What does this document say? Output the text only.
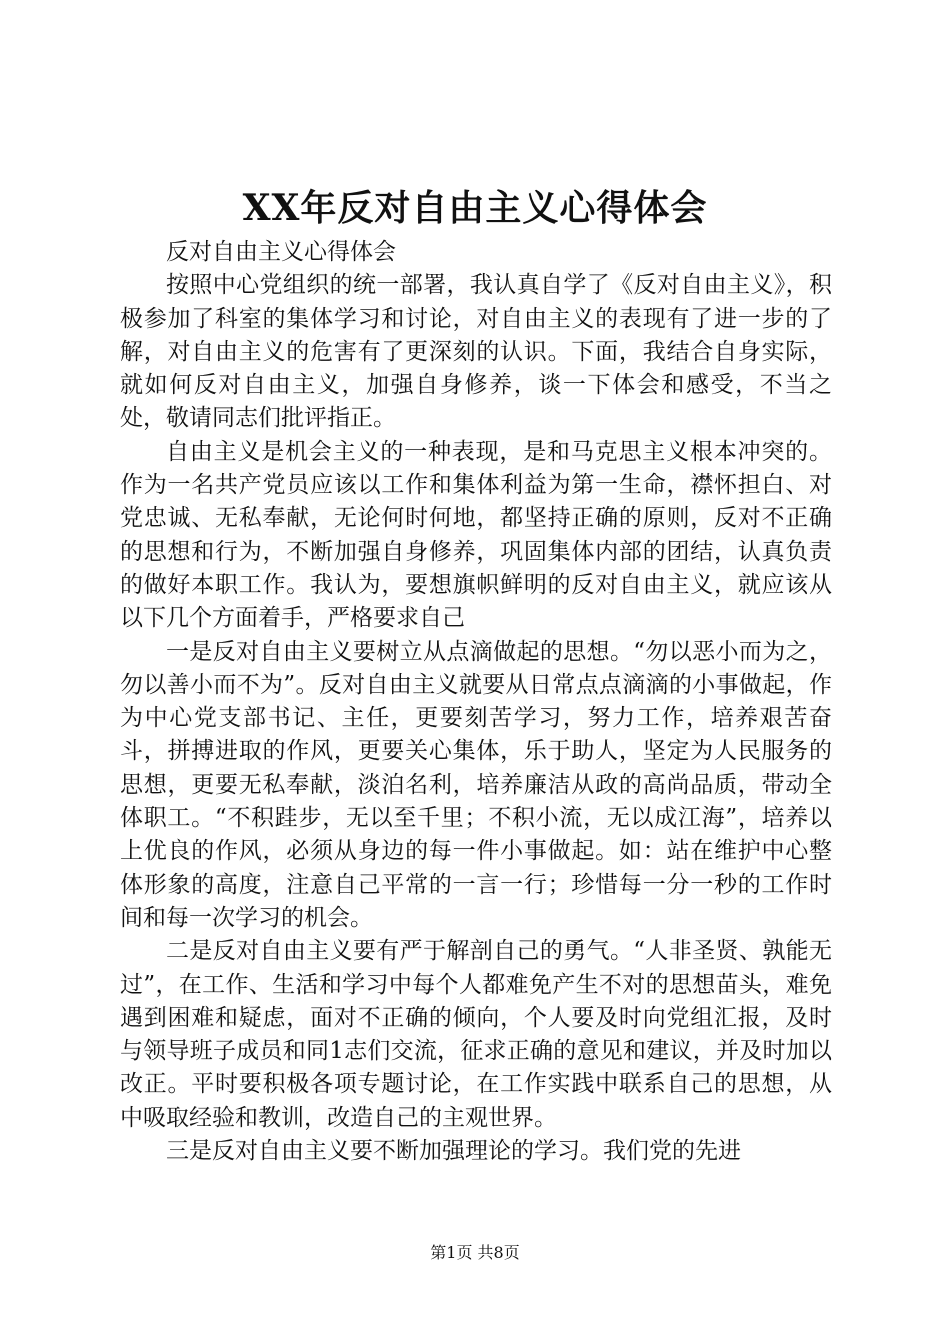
XX年反对自由主义心得体会

反对自由主义心得体会

按照中心党组织的统一部署，我认真自学了《反对自由主义》，积极参加了科室的集体学习和讨论，对自由主义的表现有了进一步的了解，对自由主义的危害有了更深刻的认识。下面，我结合自身实际，就如何反对自由主义，加强自身修养，谈一下体会和感受，不当之处，敬请同志们批评指正。

自由主义是机会主义的一种表现，是和马克思主义根本冲突的。作为一名共产党员应该以工作和集体利益为第一生命，襟怀担白、对党忠诚、无私奉献，无论何时何地，都坚持正确的原则，反对不正确的思想和行为，不断加强自身修养，巩固集体内部的团结，认真负责的做好本职工作。我认为，要想旗帜鲜明的反对自由主义，就应该从以下几个方面着手，严格要求自己

一是反对自由主义要树立从点滴做起的思想。“勿以恶小而为之，勿以善小而不为”。反对自由主义就要从日常点点滴滴的小事做起，作为中心党支部书记、主任，更要刻苦学习，努力工作，培养艰苦奋斗，拼搏进取的作风，更要关心集体，乐于助人，坚定为人民服务的思想，更要无私奉献，淡泊名利，培养廉洁从政的高尚品质，带动全体职工。“不积跬步，无以至千里；不积小流，无以成江海”，培养以上优良的作风，必须从身边的每一件小事做起。如：站在维护中心整体形象的高度，注意自己平常的一言一行；珍惜每一分一秒的工作时间和每一次学习的机会。

二是反对自由主义要有严于解剖自己的勇气。“人非圣贤、孰能无过”，在工作、生活和学习中每个人都难免产生不对的思想苗头，难免遇到困难和疑虑，面对不正确的倾向，个人要及时向党组汇报，及时与领导班子成员和同1志们交流，征求正确的意见和建议，并及时加以改正。平时要积极各项专题讨论，在工作实践中联系自己的思想，从中吸取经验和教训，改造自己的主观世界。

三是反对自由主义要不断加强理论的学习。我们党的先进

第1页 共8页
